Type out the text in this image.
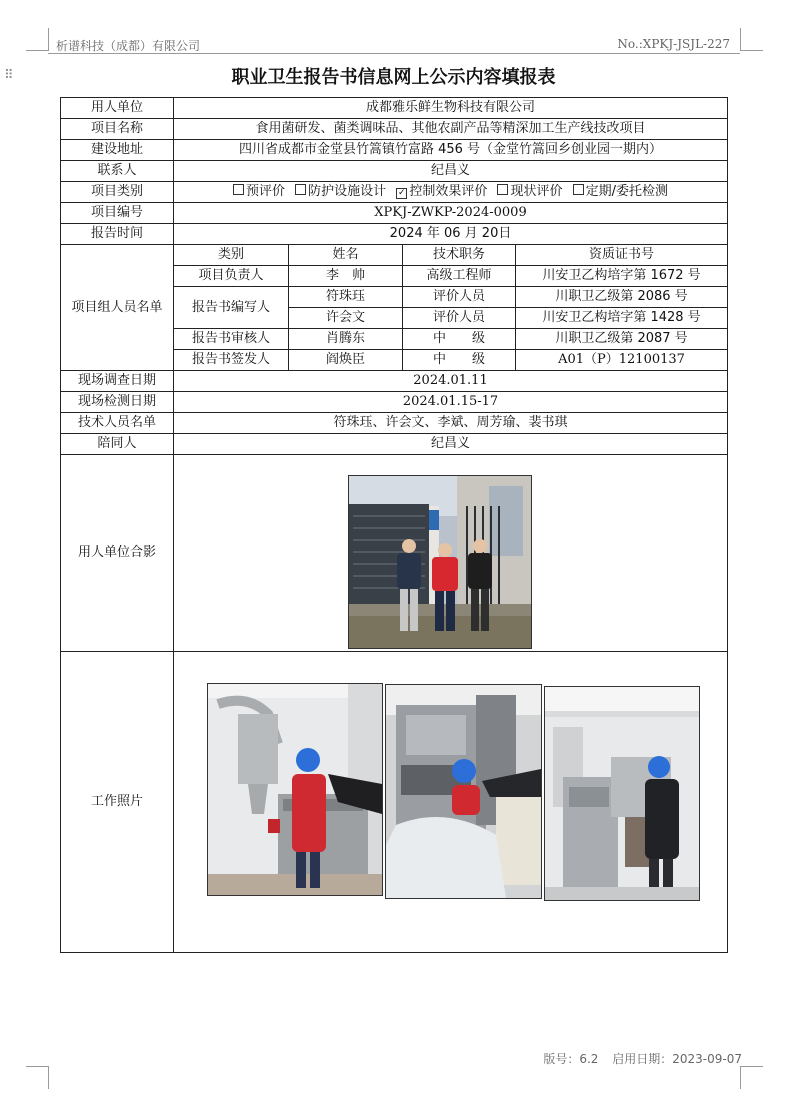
析谱科技（成都）有限公司	No.:XPKJ-JSJL-227
⠿	职业卫生报告书信息网上公示内容填报表
用人单位	成都雅乐鲜生物科技有限公司			
项目名称	食用菌研发、菌类调味品、其他农副产品等精深加工生产线技改项目			
建设地址	四川省成都市金堂县竹篙镇竹富路 456 号（金堂竹篙回乡创业园一期内）			
联系人	纪昌义			
项目类别	预评价 防护设施设计 ✓ 控制效果评价 现状评价 定期/委托检测			
项目编号	XPKJ-ZWKP-2024-0009			
报告时间	2024 年 06 月 20日			
项目组人员名单	类别	姓名	技术职务	资质证书号
	项目负责人	李　帅	高级工程师	川安卫乙构培字第 1672 号
	报告书编写人	符珠珏	评价人员	川职卫乙级第 2086 号
		许会文	评价人员	川安卫乙构培字第 1428 号
	报告书审核人	肖腾东	中　　级	川职卫乙级第 2087 号
	报告书签发人	阎焕臣	中　　级	A01（P）12100137
现场调查日期	2024.01.11			
现场检测日期	2024.01.15-17			
技术人员名单	符珠珏、许会文、李斌、周芳瑜、裴书琪			
陪同人	纪昌义			
用人单位合影				
工作照片				
版号：6.2 启用日期：2023-09-07
